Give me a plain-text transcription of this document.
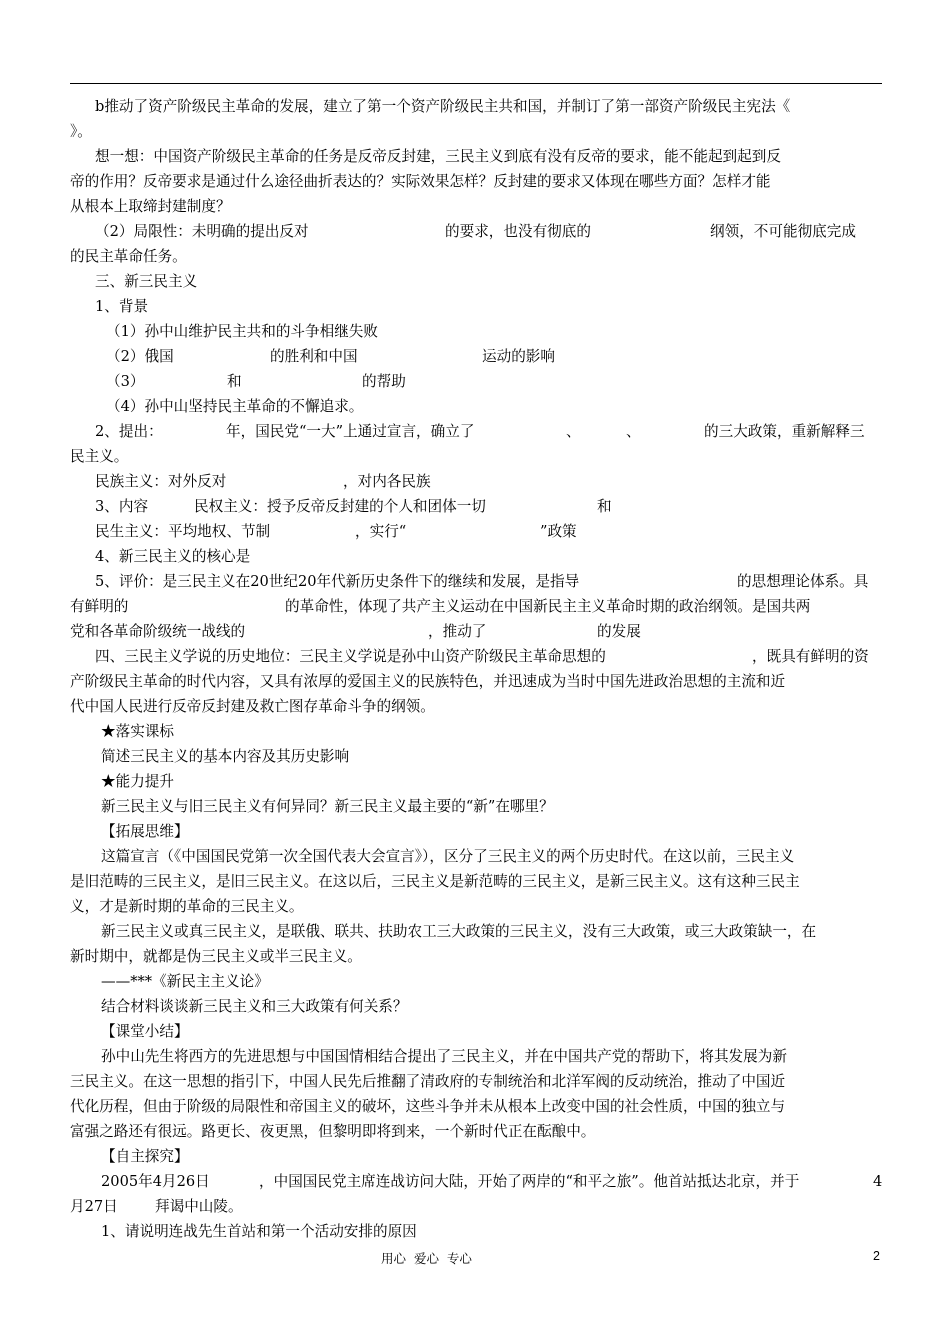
b推动了资产阶级民主革命的发展，建立了第一个资产阶级民主共和国，并制订了第一部资产阶级民主宪法《
》。
想一想：中国资产阶级民主革命的任务是反帝反封建，三民主义到底有没有反帝的要求，能不能起到起到反
帝的作用？反帝要求是通过什么途径曲折表达的？实际效果怎样？反封建的要求又体现在哪些方面？怎样才能
从根本上取缔封建制度？
（2）局限性：未明确的提出反对	的要求，也没有彻底的	纲领，不可能彻底完成
的民主革命任务。
三、新三民主义
1、背景
（1）孙中山维护民主共和的斗争相继失败
（2）俄国	的胜利和中国	运动的影响
（3）	和	的帮助
（4）孙中山坚持民主革命的不懈追求。
2、提出：	年，国民党“一大”上通过宣言，确立了	、	、	的三大政策，重新解释三
民主义。
民族主义：对外反对	，对内各民族
3、内容	民权主义：授予反帝反封建的个人和团体一切	和
民生主义：平均地权、节制	，实行“	”政策
4、新三民主义的核心是
5、评价：是三民主义在20世纪20年代新历史条件下的继续和发展，是指导	的思想理论体系。具
有鲜明的	的革命性，体现了共产主义运动在中国新民主主义革命时期的政治纲领。是国共两
党和各革命阶级统一战线的	，推动了	的发展
四、三民主义学说的历史地位：三民主义学说是孙中山资产阶级民主革命思想的	，既具有鲜明的资
产阶级民主革命的时代内容，又具有浓厚的爱国主义的民族特色，并迅速成为当时中国先进政治思想的主流和近
代中国人民进行反帝反封建及救亡图存革命斗争的纲领。
★落实课标
简述三民主义的基本内容及其历史影响
★能力提升
新三民主义与旧三民主义有何异同？新三民主义最主要的“新”在哪里？
【拓展思维】
这篇宣言（《中国国民党第一次全国代表大会宣言》），区分了三民主义的两个历史时代。在这以前，三民主义
是旧范畴的三民主义，是旧三民主义。在这以后，三民主义是新范畴的三民主义，是新三民主义。这有这种三民主
义，才是新时期的革命的三民主义。
新三民主义或真三民主义，是联俄、联共、扶助农工三大政策的三民主义，没有三大政策，或三大政策缺一，在
新时期中，就都是伪三民主义或半三民主义。
——***《新民主主义论》
结合材料谈谈新三民主义和三大政策有何关系？
【课堂小结】
孙中山先生将西方的先进思想与中国国情相结合提出了三民主义，并在中国共产党的帮助下，将其发展为新
三民主义。在这一思想的指引下，中国人民先后推翻了清政府的专制统治和北洋军阀的反动统治，推动了中国近
代化历程，但由于阶级的局限性和帝国主义的破坏，这些斗争并未从根本上改变中国的社会性质，中国的独立与
富强之路还有很远。路更长、夜更黑，但黎明即将到来，一个新时代正在酝酿中。
【自主探究】
2005年4月26日	，中国国民党主席连战访问大陆，开始了两岸的“和平之旅”。他首站抵达北京，并于	4
月27日	拜谒中山陵。
1、请说明连战先生首站和第一个活动安排的原因
用心  爱心  专心	2
